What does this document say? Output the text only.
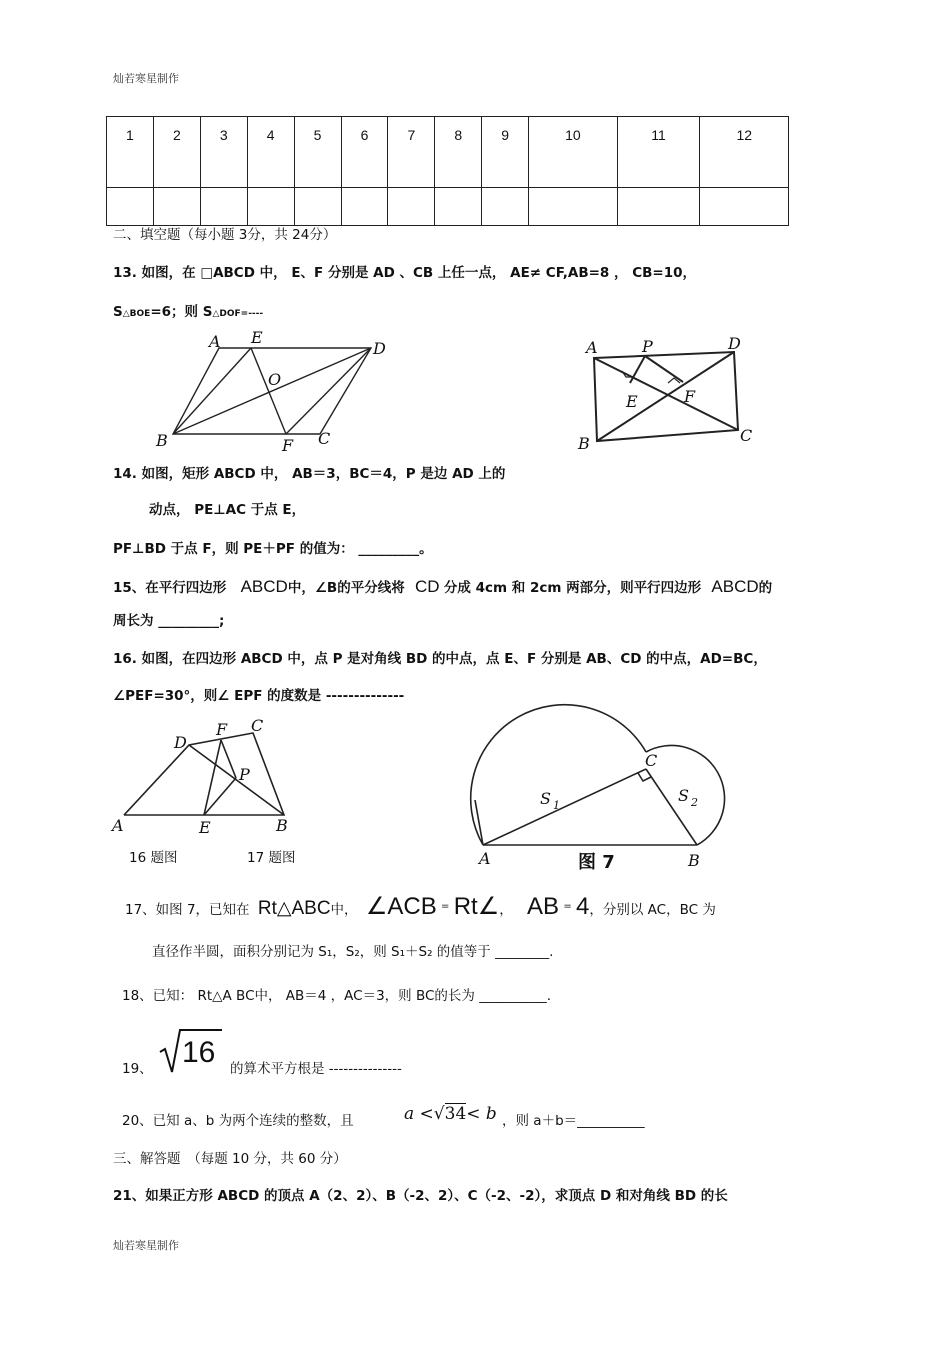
灿若寒星制作
1	2	3	4	5	6	7	8	9	10	11	12

二、填空题（每小题 3分，共 24分）
13. 如图，在 □ABCD 中， E、F 分别是 AD 、CB 上任一点， AE≠ CF,AB=8 ， CB=10，
S△BOE=6；则 S△DOF=----
A E
D
O
B	F C
A	P	D
E	F
B	C
14. 如图，矩形 ABCD 中， AB＝3，BC＝4，P 是边 AD 上的
动点， PE⊥AC 于点 E，
PF⊥BD 于点 F，则 PE＋PF 的值为： _________。
15、在平行四边形 ABCD中，∠B的平分线将 CD 分成 4cm 和 2cm 两部分，则平行四边形 ABCD的
周长为 _________;
16. 如图，在四边形 ABCD 中，点 P 是对角线 BD 的中点，点 E、F 分别是 AB、CD 的中点，AD=BC，
∠PEF=30°，则∠ EPF 的度数是 --------------
D
F C
P
A	E	B
16 题图	17 题图
C
S 1
S 2
A	B
图 7
17、如图 7，已知在 Rt△ABC中， ∠ACB = Rt∠， AB = 4，分别以 AC，BC 为
直径作半圆，面积分别记为 S₁，S₂，则 S₁＋S₂ 的值等于 ________.
18、已知： Rt△A BC中， AB＝4 ，AC＝3，则 BC的长为 __________.
19、 16 的算术平方根是 ---------------
20、已知 a、b 为两个连续的整数，且	a <√34< b ，则 a＋b＝__________
三、解答题　（每题 10 分，共 60 分）
21、如果正方形 ABCD 的顶点 A（2、2）、B（-2、2）、C（-2、-2），求顶点 D 和对角线 BD 的长
灿若寒星制作
